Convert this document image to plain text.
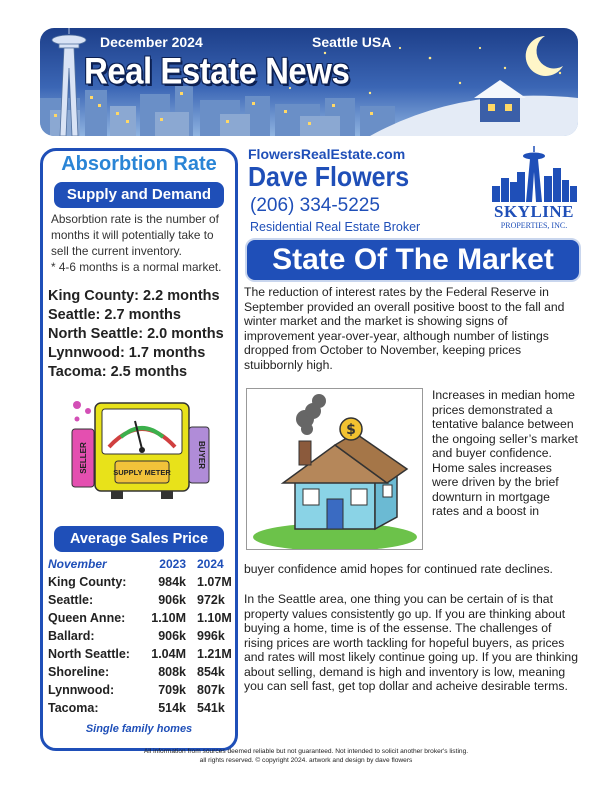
December 2024	Seattle USA
Real Estate News
Absorbtion Rate
Supply and Demand
Absorbtion rate is the number of months it will potentially take to sell the current inventory.
* 4-6 months is a normal market.
King County: 2.2 months
Seattle: 2.7 months
North Seattle: 2.0 months
Lynnwood: 1.7 months
Tacoma: 2.5 months
SELLER	BUYER
SUPPLY METER
Average Sales Price
November	2023 2024
King County:	984k 1.07M
Seattle:	906k 972k
Queen Anne: 1.10M 1.10M
Ballard:	906k 996k
North Seattle: 1.04M 1.21M
Shoreline:	808k 854k
Lynnwood:	709k 807k
Tacoma:	514k 541k
Single family homes
FlowersRealEstate.com
Dave Flowers
(206) 334-5225
Residential Real Estate Broker
SKYLINE
PROPERTIES, INC.
State Of The Market
The reduction of interest rates by the Federal Reserve in September provided an overall positive boost to the fall and winter market and the market is showing signs of improvement year-over-year, although number of listings dropped from October to November, keeping prices stuibbornly high.
$
Increases in median home prices demonstrated a tentative balance between the ongoing seller’s market and buyer confidence. Home sales increases were driven by the brief downturn in mortgage rates and a boost in
buyer confidence amid hopes for continued rate declines.
In the Seattle area, one thing you can be certain of is that property values consistently go up. If you are thinking about buying a home, time is of the essense. The challenges of rising prices are worth tackling for hopeful buyers, as prices and rates will most likely continue going up. If you are thinking about selling, demand is high and inventory is low, meaning you can sell fast, get top dollar and acheive desirable terms.
All information from sources deemed reliable but not guaranteed. Not intended to solicit another broker's listing.
all rights reserved. © copyright 2024. artwork and design by dave flowers
